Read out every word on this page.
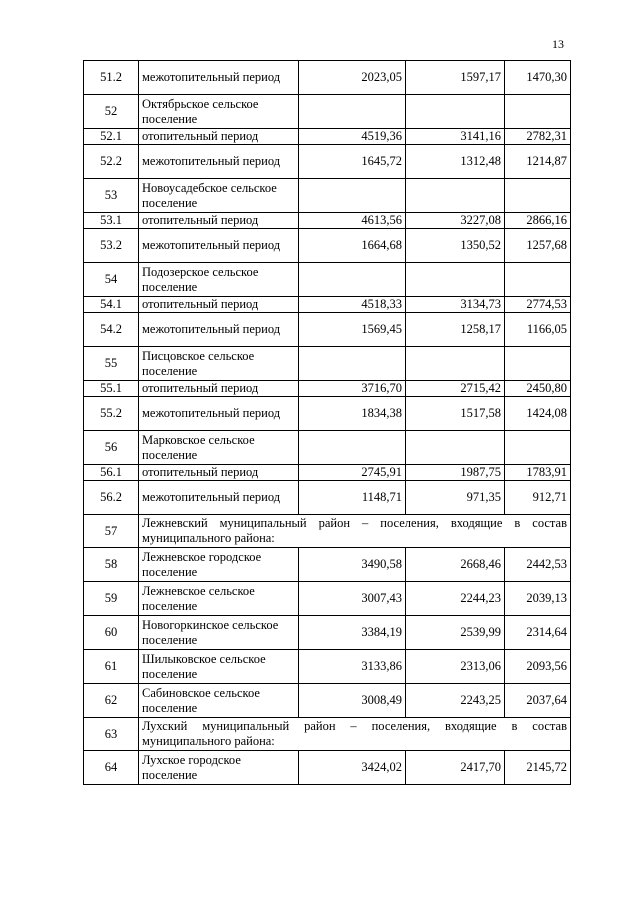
13
51.2	межотопительный период	2023,05	1597,17	1470,30
52	Октябрьское сельское поселение			
52.1	отопительный период	4519,36	3141,16	2782,31
52.2	межотопительный период	1645,72	1312,48	1214,87
53	Новоусадебское сельское поселение			
53.1	отопительный период	4613,56	3227,08	2866,16
53.2	межотопительный период	1664,68	1350,52	1257,68
54	Подозерское сельское поселение			
54.1	отопительный период	4518,33	3134,73	2774,53
54.2	межотопительный период	1569,45	1258,17	1166,05
55	Писцовское сельское поселение			
55.1	отопительный период	3716,70	2715,42	2450,80
55.2	межотопительный период	1834,38	1517,58	1424,08
56	Марковское сельское поселение			
56.1	отопительный период	2745,91	1987,75	1783,91
56.2	межотопительный период	1148,71	971,35	912,71
57	Лежневский муниципальный район – поселения, входящие в состав муниципального района:			
58	Лежневское городское поселение	3490,58	2668,46	2442,53
59	Лежневское сельское поселение	3007,43	2244,23	2039,13
60	Новогоркинское сельское поселение	3384,19	2539,99	2314,64
61	Шилыковское сельское поселение	3133,86	2313,06	2093,56
62	Сабиновское сельское поселение	3008,49	2243,25	2037,64
63	Лухский муниципальный район – поселения, входящие в состав муниципального района:			
64	Лухское городское поселение	3424,02	2417,70	2145,72
